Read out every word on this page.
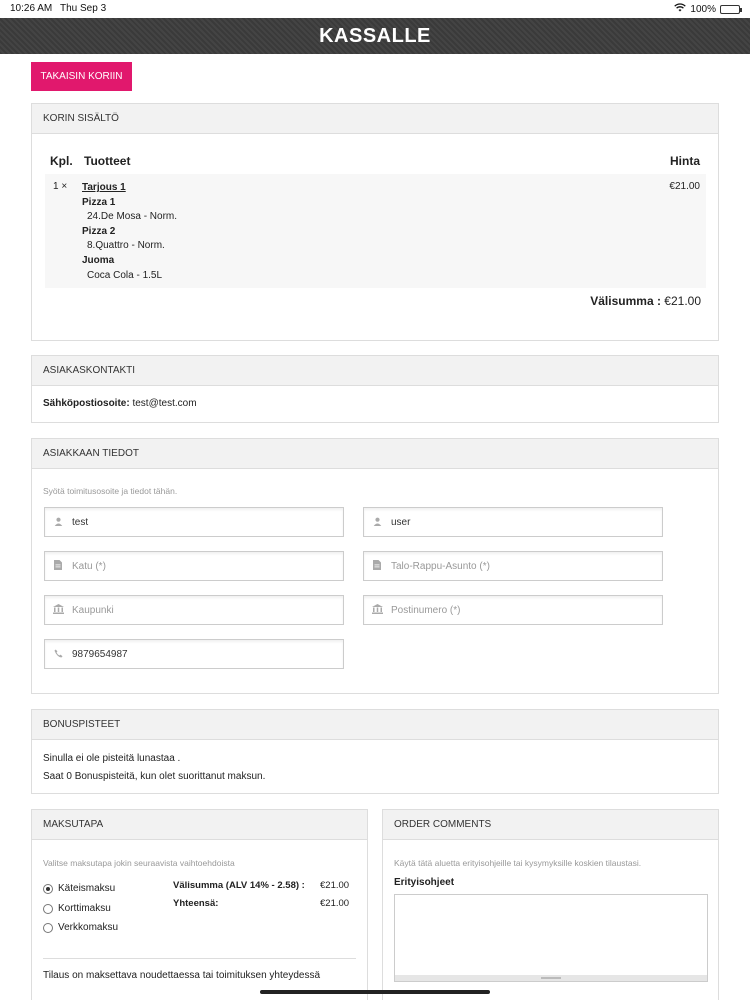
10:26 AM Thu Sep 3	100%
KASSALLE
TAKAISIN KORIIN
KORIN SISÄLTÖ
Kpl. Tuotteet	Hinta
1 × Tarjous 1
Pizza 1
24.De Mosa - Norm.
Pizza 2
8.Quattro - Norm.
Juoma
Coca Cola - 1.5L
€21.00
Välisumma : €21.00
ASIAKASKONTAKTI
Sähköpostiosoite: test@test.com
ASIAKKAAN TIEDOT
Syötä toimitusosoite ja tiedot tähän.
test
user
Katu (*)
Talo-Rappu-Asunto (*)
Kaupunki
Postinumero (*)
9879654987
BONUSPISTEET
Sinulla ei ole pisteitä lunastaa .
Saat 0 Bonuspisteitä, kun olet suorittanut maksun.
MAKSUTAPA
Valitse maksutapa jokin seuraavista vaihtoehdoista
Käteismaksu
Korttimaksu
Verkkomaksu
Välisumma (ALV 14% - 2.58) : €21.00
Yhteensä:	€21.00
Tilaus on maksettava noudettaessa tai toimituksen yhteydessä
ORDER COMMENTS
Käytä tätä aluetta erityisohjeille tai kysymyksille koskien tilaustasi.
Erityisohjeet
